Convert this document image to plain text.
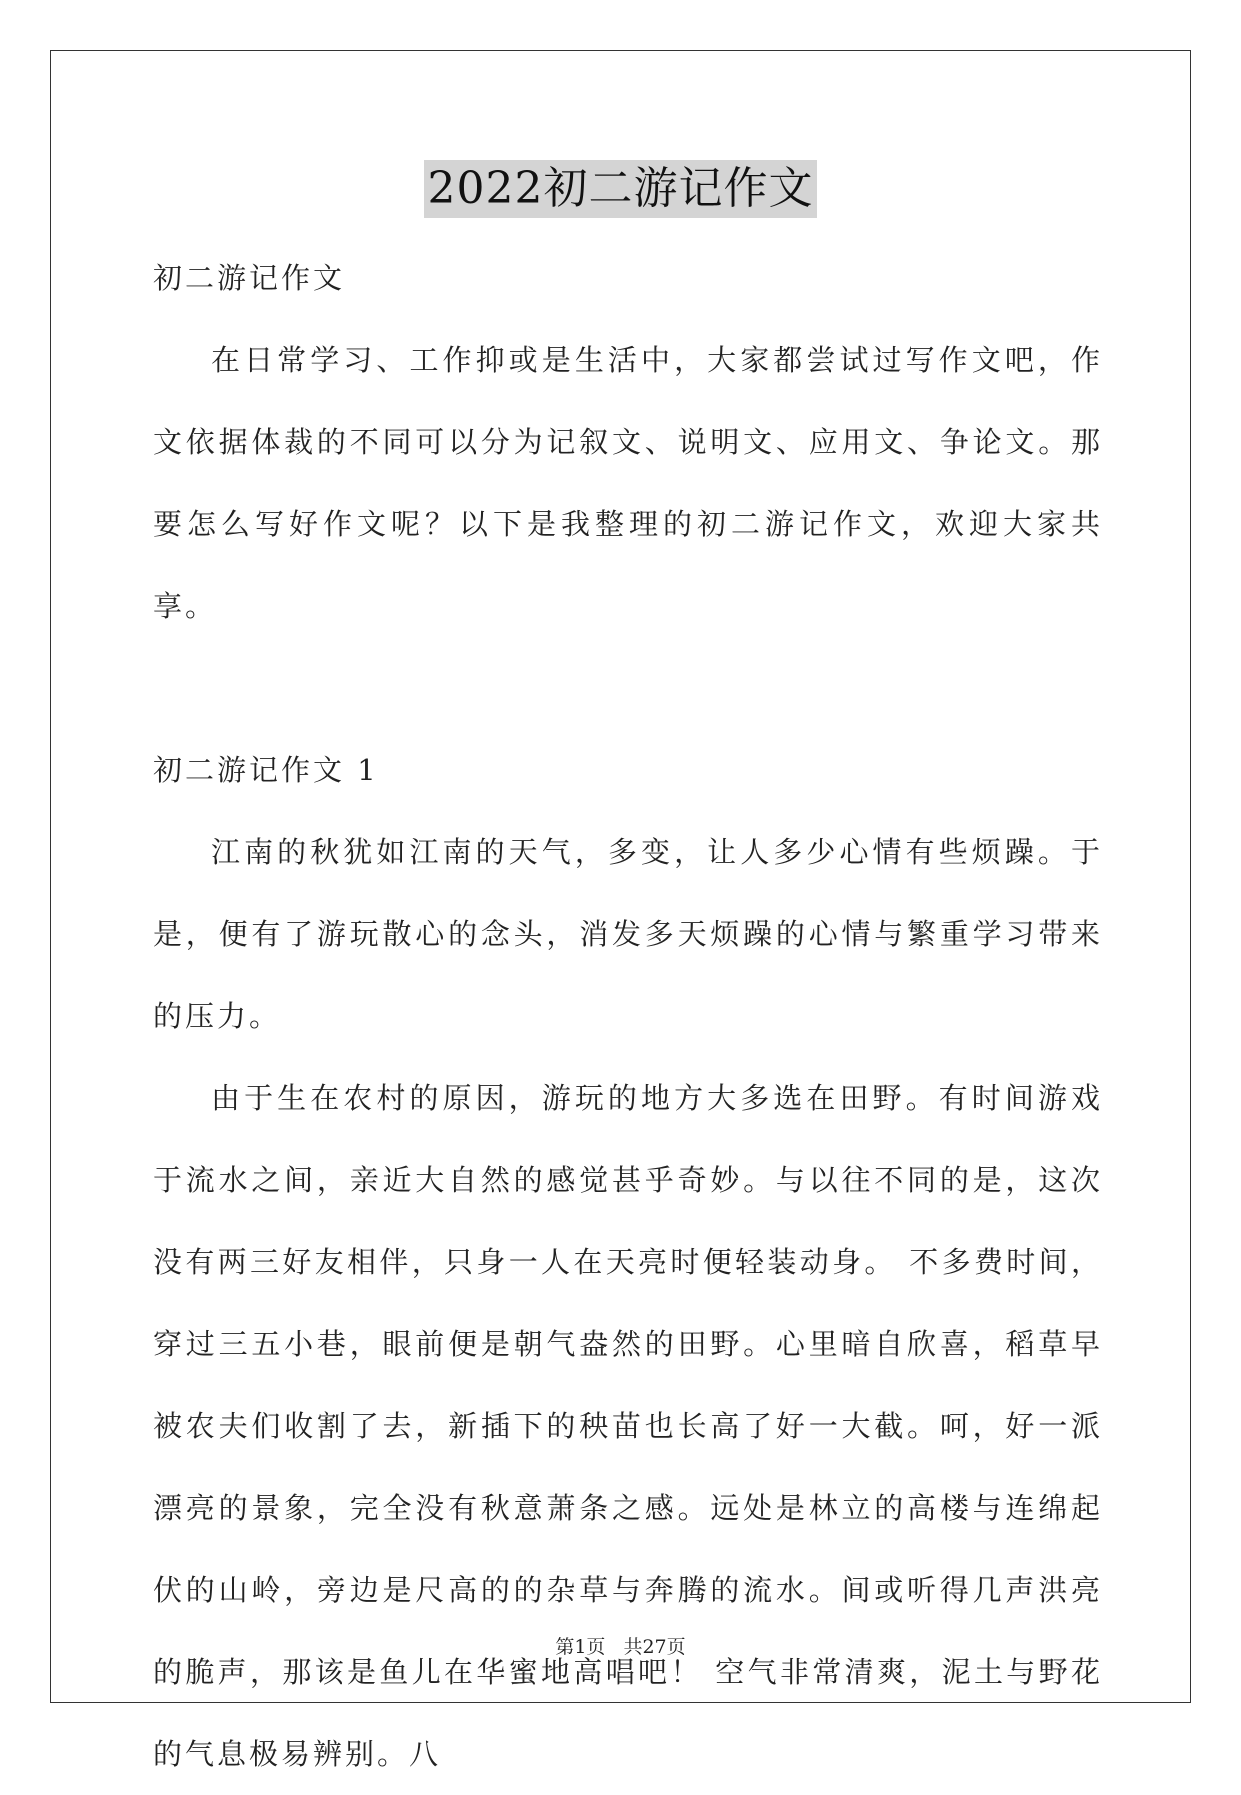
2022初二游记作文

初二游记作文

在日常学习、工作抑或是生活中，大家都尝试过写作文吧，作文依据体裁的不同可以分为记叙文、说明文、应用文、争论文。那要怎么写好作文呢？以下是我整理的初二游记作文，欢迎大家共享。

初二游记作文 1

江南的秋犹如江南的天气，多变，让人多少心情有些烦躁。于是，便有了游玩散心的念头，消发多天烦躁的心情与繁重学习带来的压力。

由于生在农村的原因，游玩的地方大多选在田野。有时间游戏于流水之间，亲近大自然的感觉甚乎奇妙。与以往不同的是，这次没有两三好友相伴，只身一人在天亮时便轻装动身。 不多费时间，穿过三五小巷，眼前便是朝气盎然的田野。心里暗自欣喜，稻草早被农夫们收割了去，新插下的秧苗也长高了好一大截。呵，好一派漂亮的景象，完全没有秋意萧条之感。远处是林立的高楼与连绵起伏的山岭，旁边是尺高的的杂草与奔腾的流水。间或听得几声洪亮的脆声，那该是鱼儿在华蜜地高唱吧！ 空气非常清爽，泥土与野花的气息极易辨别。八

第1页 共27页
